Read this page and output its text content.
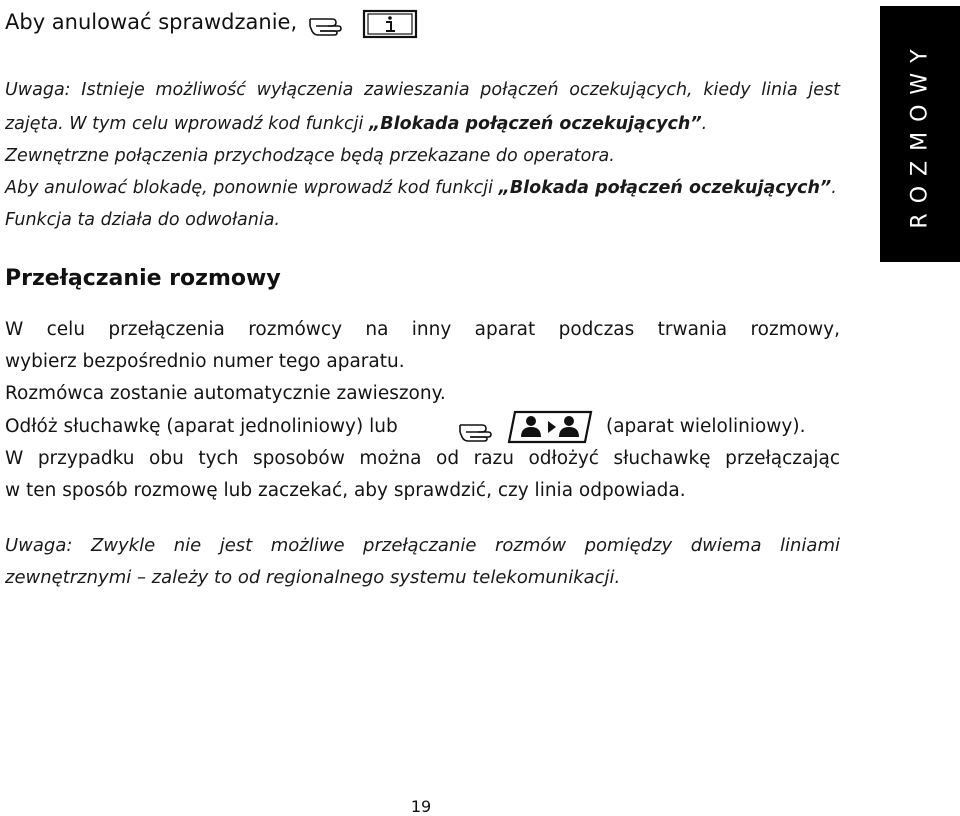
Aby anulować sprawdzanie,
Uwaga: Istnieje możliwość wyłączenia zawieszania połączeń oczekujących, kiedy linia jest
zajęta. W tym celu wprowadź kod funkcji „Blokada połączeń oczekujących”.
Zewnętrzne połączenia przychodzące będą przekazane do operatora.
Aby anulować blokadę, ponownie wprowadź kod funkcji „Blokada połączeń oczekujących”.
Funkcja ta działa do odwołania.	ROZMOWY
Przełączanie rozmowy
W celu przełączenia rozmówcy na inny aparat podczas trwania rozmowy,
wybierz bezpośrednio numer tego aparatu.
Rozmówca zostanie automatycznie zawieszony.
Odłóż słuchawkę (aparat jednoliniowy) lub	(aparat wieloliniowy).
W przypadku obu tych sposobów można od razu odłożyć słuchawkę przełączając
w ten sposób rozmowę lub zaczekać, aby sprawdzić, czy linia odpowiada.
Uwaga: Zwykle nie jest możliwe przełączanie rozmów pomiędzy dwiema liniami
zewnętrznymi – zależy to od regionalnego systemu telekomunikacji.
19
